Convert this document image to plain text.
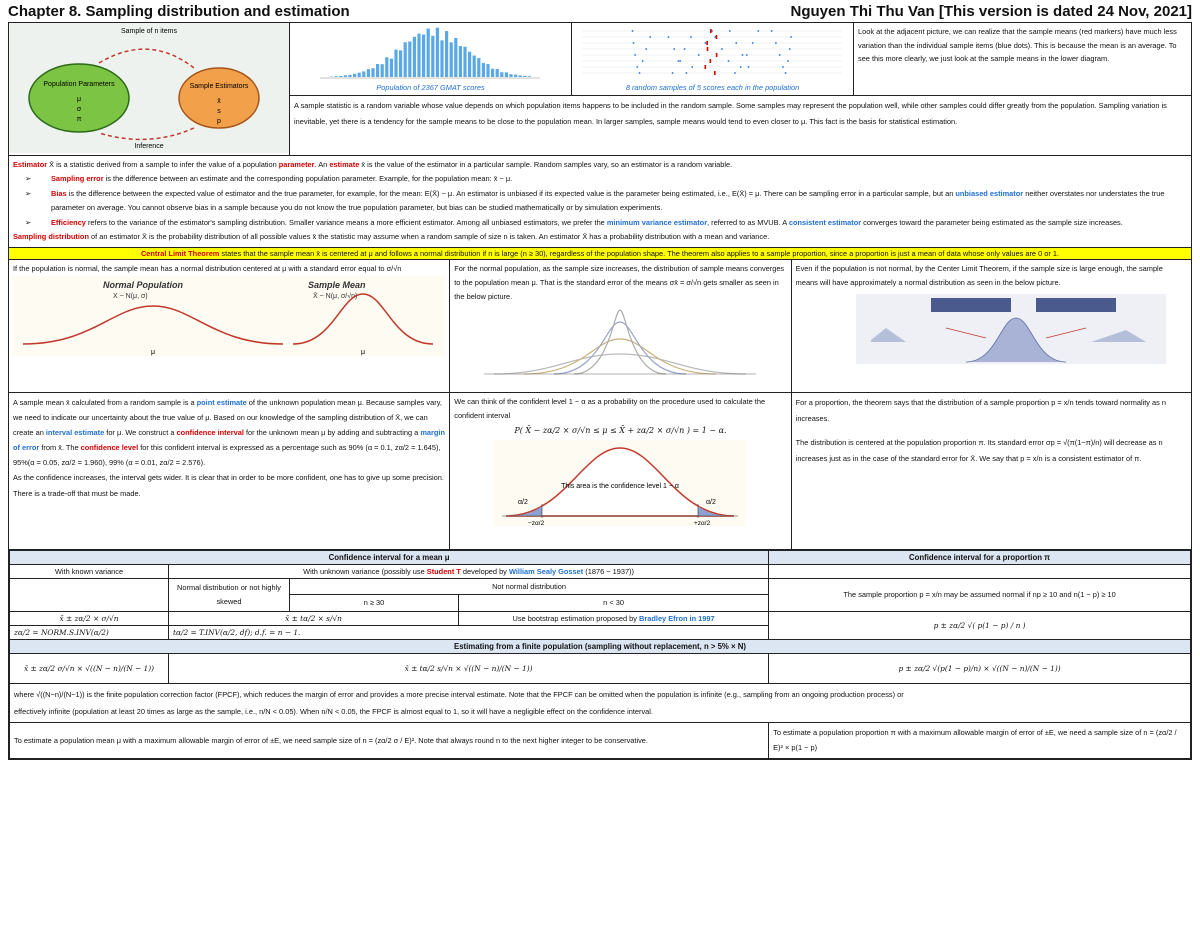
Chapter 8. Sampling distribution and estimation	Nguyen Thi Thu Van [This version is dated 24 Nov, 2021]
Sample of n items
Population Parameters
μ
σ
π
Sample Estimators
x̄
s
p
Inference
Population of 2367 GMAT scores	8 random samples of 5 scores each in the population
Look at the adjacent picture, we can realize that the sample means (red markers) have much less variation than the individual sample items (blue dots). This is because the mean is an average. To see this more clearly, we just look at the sample means in the lower diagram.
A sample statistic is a random variable whose value depends on which population items happens to be included in the random sample. Some samples may represent the population well, while other samples could differ greatly from the population. Sampling variation is inevitable, yet there is a tendency for the sample means to be close to the population mean. In larger samples, sample means would tend to even closer to μ. This fact is the basis for statistical estimation.
Estimator X̄ is a statistic derived from a sample to infer the value of a population parameter. An estimate x̄ is the value of the estimator in a particular sample. Random samples vary, so an estimator is a random variable.
➢ Sampling error is the difference between an estimate and the corresponding population parameter. Example, for the population mean: x̄ − μ.
➢ Bias is the difference between the expected value of estimator and the true parameter, for example, for the mean: E(X̄) − μ. An estimator is unbiased if its expected value is the parameter being estimated, i.e., E(X̄) = μ. There can be sampling error in a particular sample, but an unbiased estimator neither overstates nor understates the true parameter on average. You cannot observe bias in a sample because you do not know the true population parameter, but bias can be studied mathematically or by simulation experiments.
➢ Efficiency refers to the variance of the estimator's sampling distribution. Smaller variance means a more efficient estimator. Among all unbiased estimators, we prefer the minimum variance estimator, referred to as MVUB. A consistent estimator converges toward the parameter being estimated as the sample size increases.
Sampling distribution of an estimator X̄ is the probability distribution of all possible values x̄ the statistic may assume when a random sample of size n is taken. An estimator X̄ has a probability distribution with a mean and variance.
Central Limit Theorem states that the sample mean x̄ is centered at μ and follows a normal distribution if n is large (n ≥ 30), regardless of the population shape. The theorem also applies to a sample proportion, since a proportion is just a mean of data whose only values are 0 or 1.
If the population is normal, the sample mean has a normal distribution centered at μ with a standard error equal to σ/√n
Normal Population
X ~ N(μ, σ)
Sample Mean
X̄ ~ N(μ, σ/√n)
μ	μ
For the normal population, as the sample size increases, the distribution of sample means converges to the population mean μ. That is the standard error of the means σx̄ = σ/√n gets smaller as seen in the below picture.
Even if the population is not normal, by the Center Limit Theorem, if the sample size is large enough, the sample means will have approximately a normal distribution as seen in the below picture.
A sample mean x̄ calculated from a random sample is a point estimate of the unknown population mean μ. Because samples vary, we need to indicate our uncertainty about the true value of μ. Based on our knowledge of the sampling distribution of X̄, we can create an interval estimate for μ. We construct a confidence interval for the unknown mean μ by adding and subtracting a margin of error from x̄. The confidence level for this confident interval is expressed as a percentage such as 90% (α = 0.1, zα/2 = 1.645), 95%(α = 0.05, zα/2 = 1.960), 99% (α = 0.01, zα/2 = 2.576).
As the confidence increases, the interval gets wider. It is clear that in order to be more confident, one has to give up some precision. There is a trade-off that must be made.
We can think of the confident level 1 − α as a probability on the procedure used to calculate the confident interval
P( X̄ − zα/2 × σ/√n ≤ μ ≤ X̄ + zα/2 × σ/√n ) = 1 − α.
This area is the confidence level 1 − α
α/2	α/2
−zα/2	+zα/2
For a proportion, the theorem says that the distribution of a sample proportion p = x/n tends toward normality as n increases.
The distribution is centered at the population proportion π. Its standard error σp = √(π(1−π)/n) will decrease as n increases just as in the case of the standard error for X̄. We say that p = x/n is a consistent estimator of π.
Confidence interval for a mean μ				Confidence interval for a proportion π
With known variance	With unknown variance (possibly use Student T developed by William Sealy Gosset (1876 − 1937))			
	Normal distribution or not highly skewed	Not normal distribution		The sample proportion p = x/n may be assumed normal if np ≥ 10 and n(1 − p) ≥ 10
		n ≥ 30	n < 30	
x̄ ± zα/2 × σ/√n	x̄ ± tα/2 × s/√n		Use bootstrap estimation proposed by Bradley Efron in 1997	p ± zα/2 √( p(1 − p) / n )
zα/2 = NORM.S.INV(α/2)	tα/2 = T.INV(α/2, df); d.f. = n − 1.			
Estimating from a finite population (sampling without replacement, n > 5% × N)				
x̄ ± zα/2 σ/√n × √((N − n)/(N − 1))	x̄ ± tα/2 s/√n × √((N − n)/(N − 1))			p ± zα/2 √(p(1 − p)/n) × √((N − n)/(N − 1))

where √((N−n)/(N−1)) is the finite population correction factor (FPCF), which reduces the margin of error and provides a more precise interval estimate. Note that the FPCF can be omitted when the population is infinite (e.g., sampling from an ongoing production process) or
effectively infinite (population at least 20 times as large as the sample, i.e., n/N < 0.05). When n/N < 0.05, the FPCF is almost equal to 1, so it will have a negligible effect on the confidence interval.				

To estimate a population mean μ with a maximum allowable margin of error of ±E, we need sample size of n = (zα/2 σ / E)². Note that always round n to the next higher integer to be conservative.				To estimate a population proportion π with a maximum allowable margin of error of ±E, we need a sample size of n = (zα/2 / E)² × p(1 − p)
